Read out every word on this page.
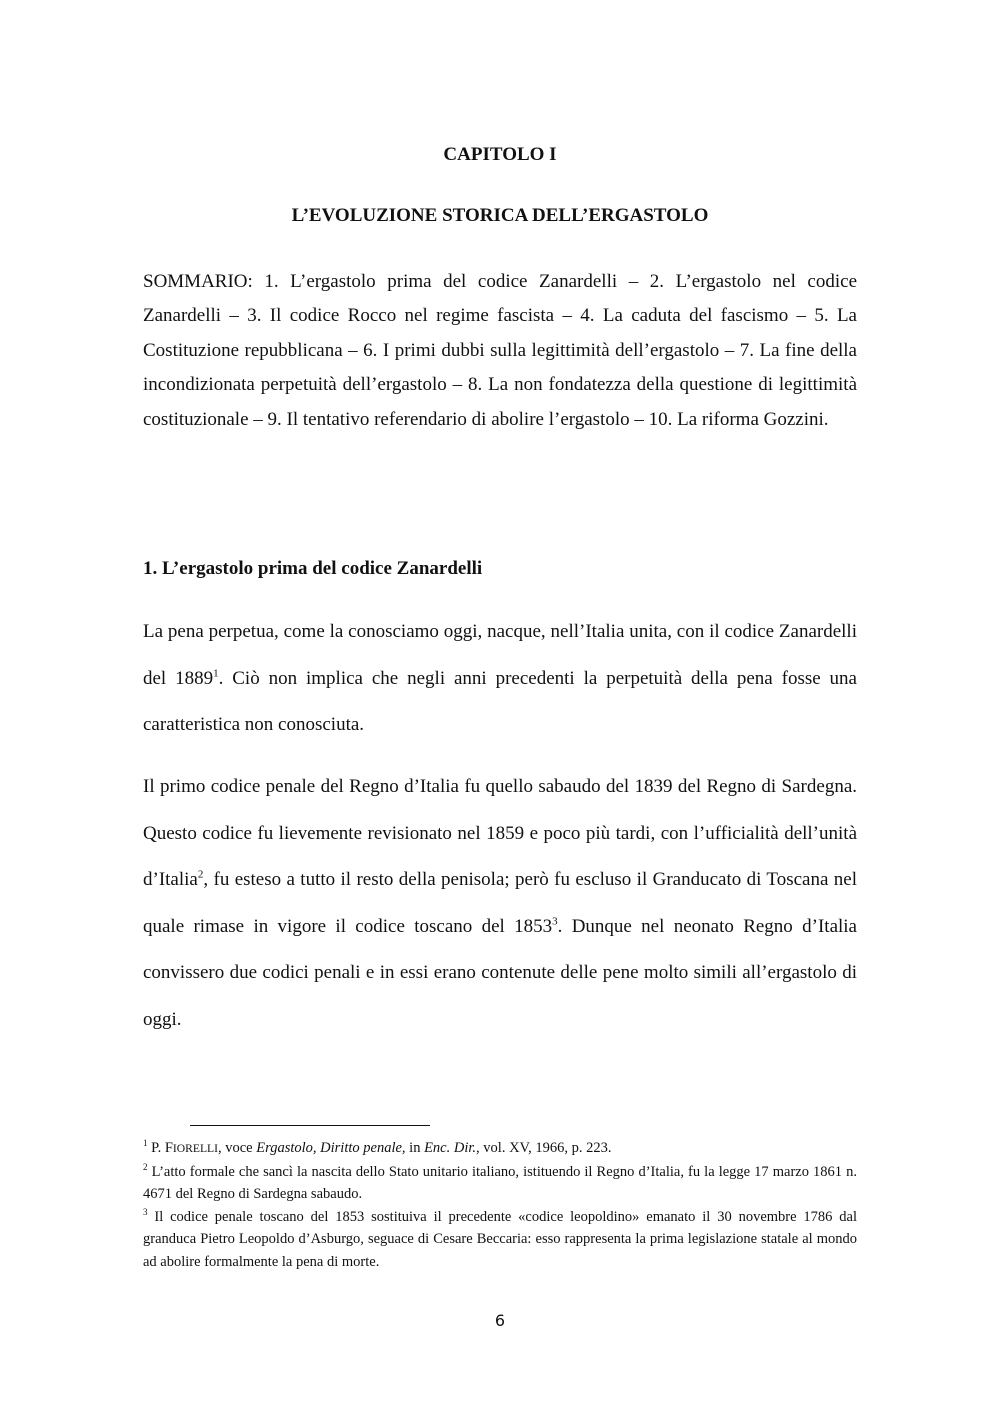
CAPITOLO I
L’EVOLUZIONE STORICA DELL’ERGASTOLO
SOMMARIO: 1. L’ergastolo prima del codice Zanardelli – 2. L’ergastolo nel codice Zanardelli – 3. Il codice Rocco nel regime fascista – 4. La caduta del fascismo – 5. La Costituzione repubblicana – 6. I primi dubbi sulla legittimità dell’ergastolo – 7. La fine della incondizionata perpetuità dell’ergastolo – 8. La non fondatezza della questione di legittimità costituzionale – 9. Il tentativo referendario di abolire l’ergastolo – 10. La riforma Gozzini.
1. L’ergastolo prima del codice Zanardelli

La pena perpetua, come la conosciamo oggi, nacque, nell’Italia unita, con il codice Zanardelli del 1889$^1$. Ciò non implica che negli anni precedenti la perpetuità della pena fosse una caratteristica non conosciuta.

Il primo codice penale del Regno d’Italia fu quello sabaudo del 1839 del Regno di Sardegna. Questo codice fu lievemente revisionato nel 1859 e poco più tardi, con l’ufficialità dell’unità d’Italia$^2$, fu esteso a tutto il resto della penisola; però fu escluso il Granducato di Toscana nel quale rimase in vigore il codice toscano del 1853$^3$. Dunque nel neonato Regno d’Italia convissero due codici penali e in essi erano contenute delle pene molto simili all’ergastolo di oggi.

$^1$ P. FIORELLI, voce Ergastolo, Diritto penale, in Enc. Dir., vol. XV, 1966, p. 223.
$^2$ L’atto formale che sancì la nascita dello Stato unitario italiano, istituendo il Regno d’Italia, fu la legge 17 marzo 1861 n. 4671 del Regno di Sardegna sabaudo.
$^3$ Il codice penale toscano del 1853 sostituiva il precedente «codice leopoldino» emanato il 30 novembre 1786 dal granduca Pietro Leopoldo d’Asburgo, seguace di Cesare Beccaria: esso rappresenta la prima legislazione statale al mondo ad abolire formalmente la pena di morte.
6
